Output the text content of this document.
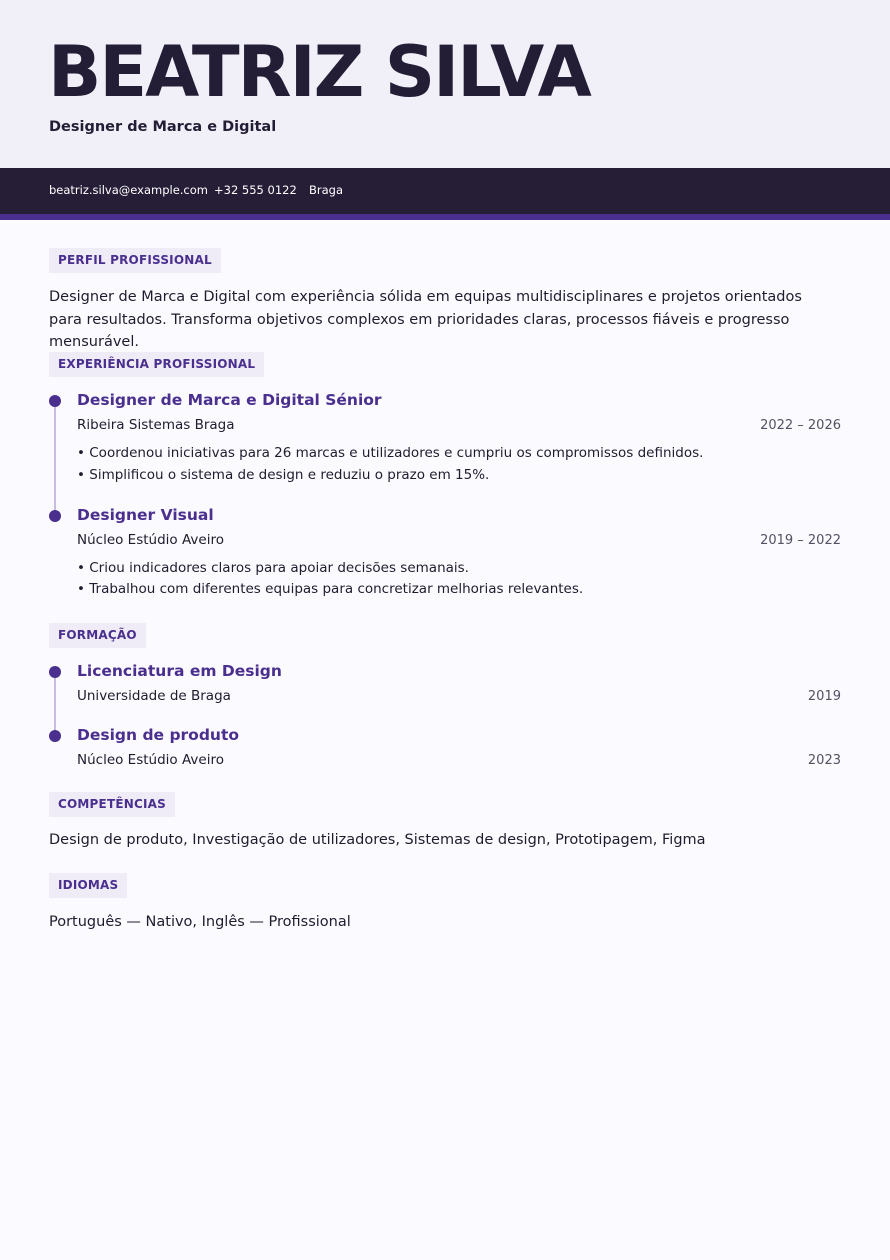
BEATRIZ SILVA
Designer de Marca e Digital
beatriz.silva@example.com +32 555 0122 Braga
PERFIL PROFISSIONAL
Designer de Marca e Digital com experiência sólida em equipas multidisciplinares e projetos orientados para resultados. Transforma objetivos complexos em prioridades claras, processos fiáveis e progresso mensurável.
EXPERIÊNCIA PROFISSIONAL
Designer de Marca e Digital Sénior
Ribeira Sistemas Braga	2022 – 2026
• Coordenou iniciativas para 26 marcas e utilizadores e cumpriu os compromissos definidos.
• Simplificou o sistema de design e reduziu o prazo em 15%.
Designer Visual
Núcleo Estúdio Aveiro	2019 – 2022
• Criou indicadores claros para apoiar decisões semanais.
• Trabalhou com diferentes equipas para concretizar melhorias relevantes.
FORMAÇÃO
Licenciatura em Design
Universidade de Braga	2019
Design de produto
Núcleo Estúdio Aveiro	2023
COMPETÊNCIAS
Design de produto, Investigação de utilizadores, Sistemas de design, Prototipagem, Figma
IDIOMAS
Português — Nativo, Inglês — Profissional
